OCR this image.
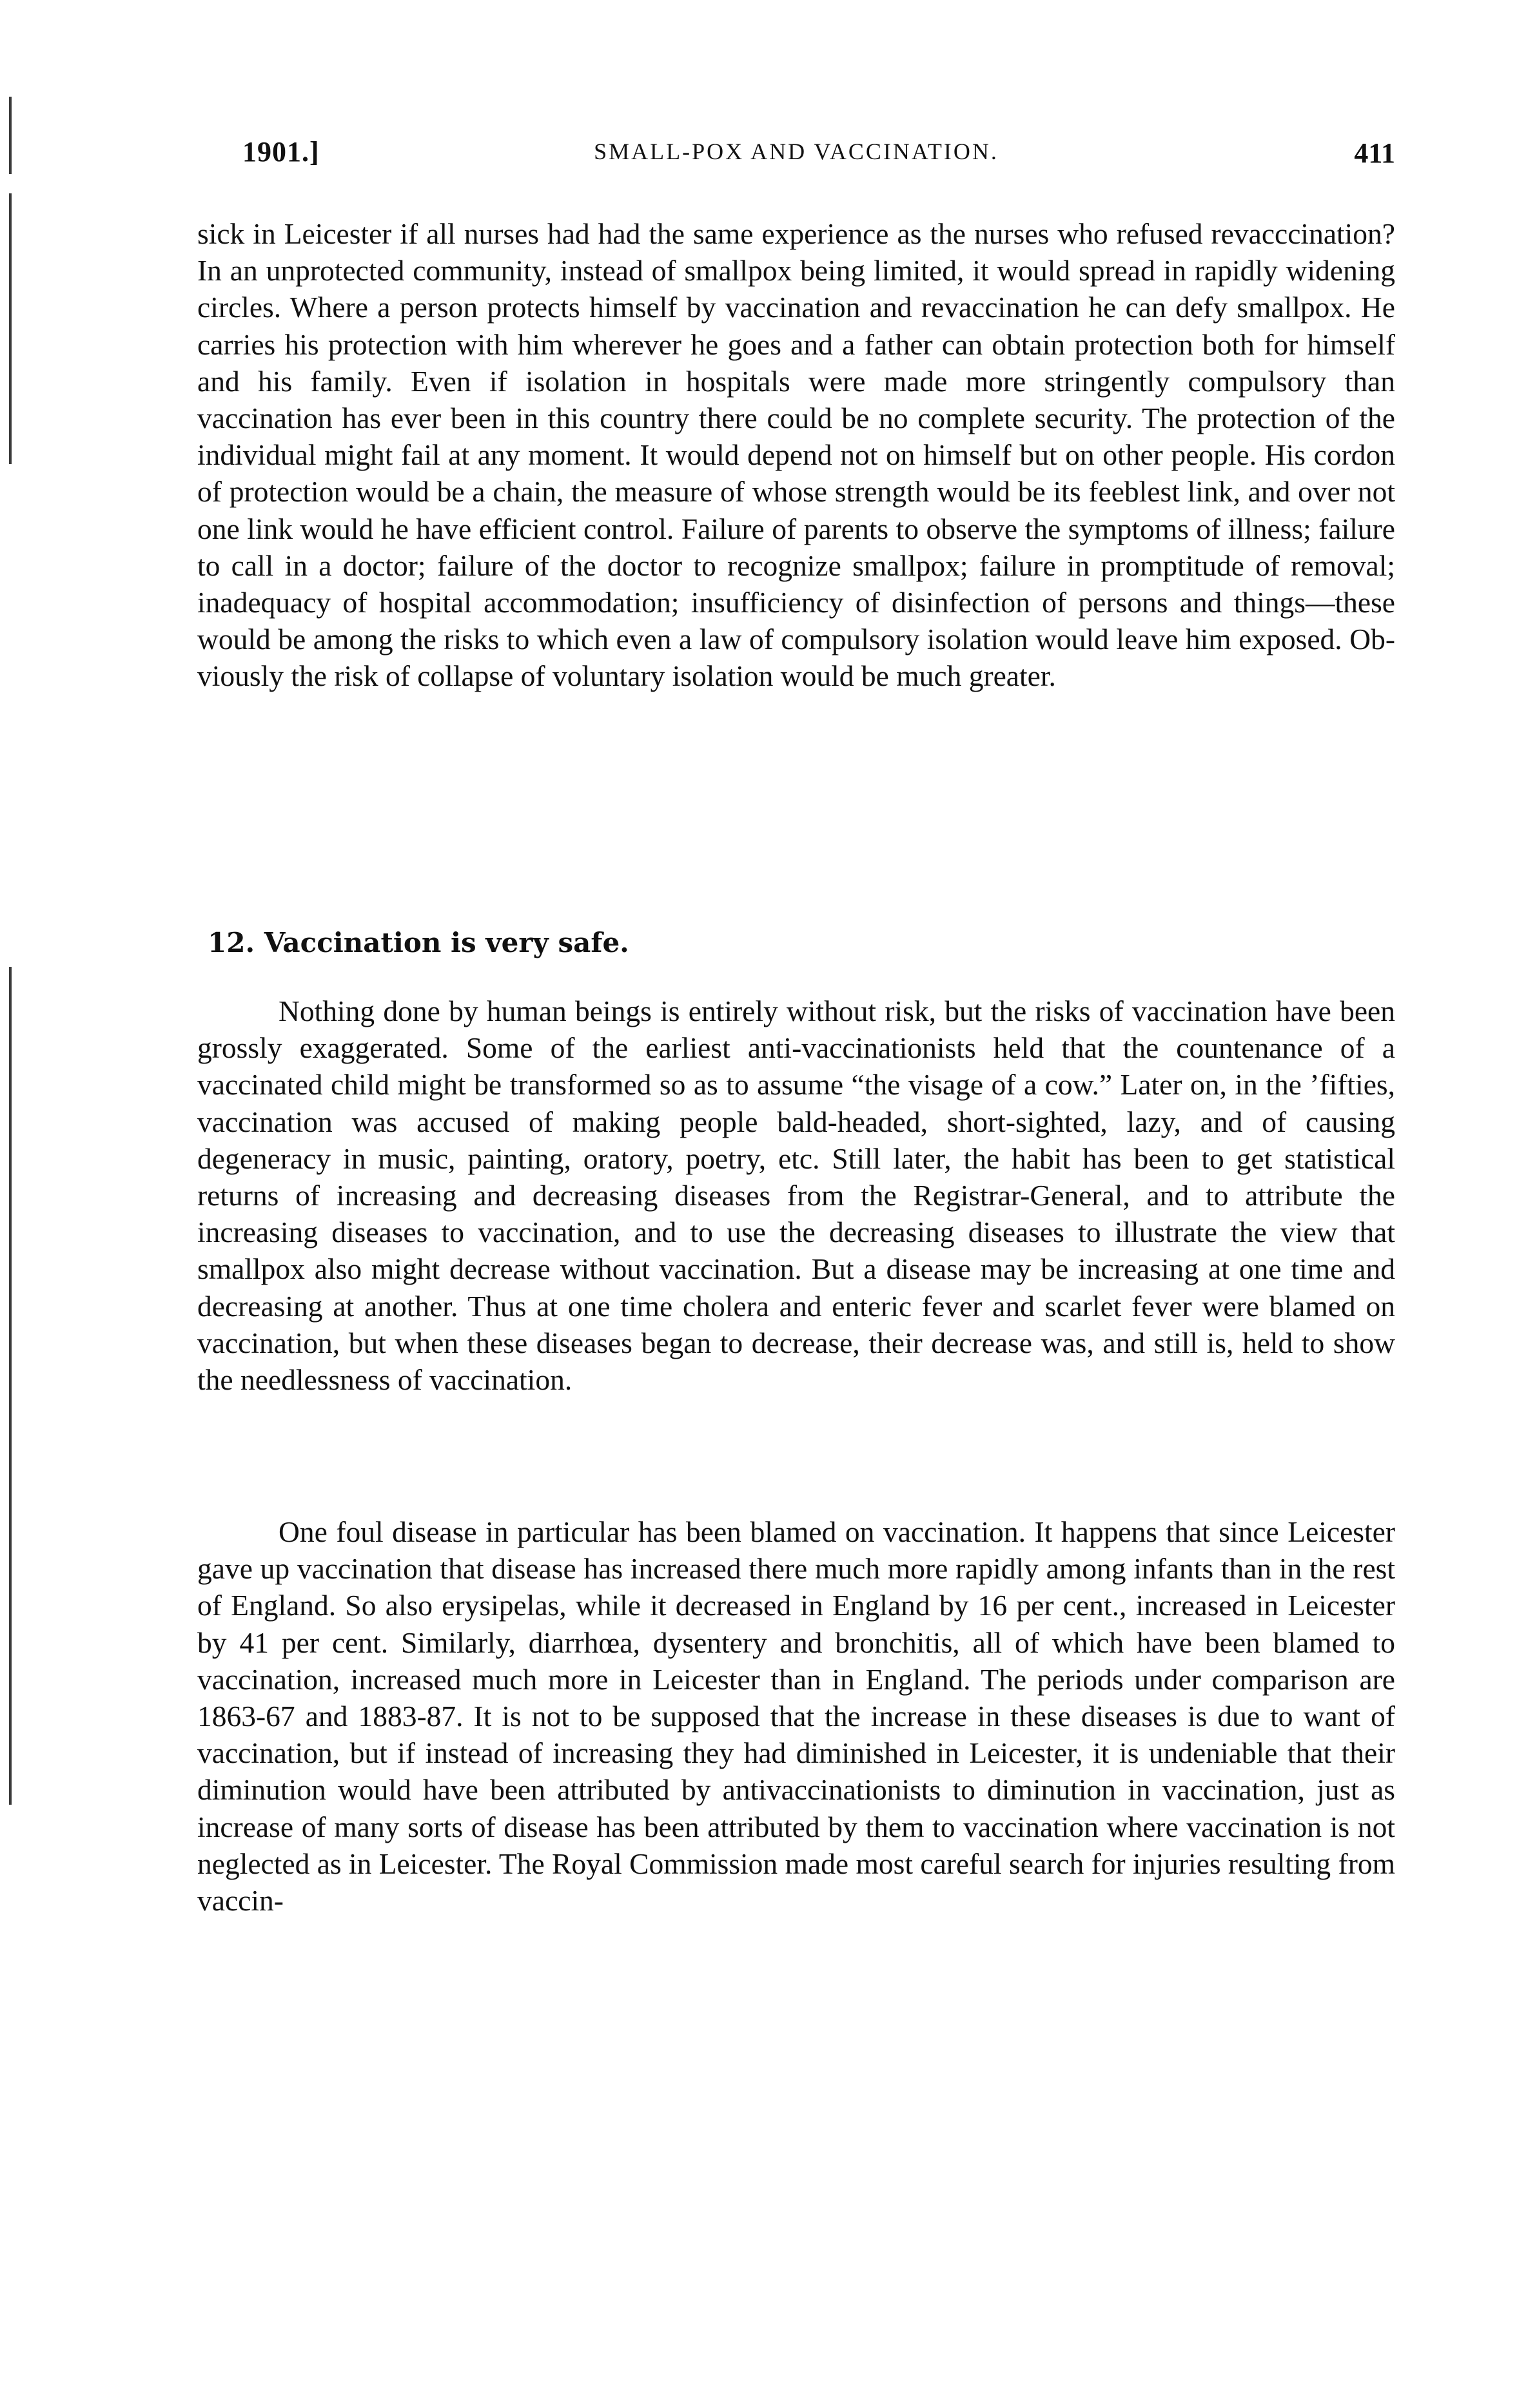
1901.]	SMALL-POX AND VACCINATION.	411

sick in Leicester if all nurses had had the same experience as the nurses who refused revacccination? In an unprotected community, instead of smallpox being limited, it would spread in rapidly widening circles. Where a person protects himself by vaccination and revaccination he can defy smallpox. He carries his protection with him wherever he goes and a father can obtain protection both for himself and his family. Even if isolation in hospitals were made more stringently compulsory than vaccination has ever been in this country there could be no complete security. The protection of the individual might fail at any moment. It would depend not on himself but on other people. His cordon of protection would be a chain, the measure of whose strength would be its feeblest link, and over not one link would he have efficient control. Failure of parents to observe the symptoms of illness; failure to call in a doctor; failure of the doctor to recognize smallpox; failure in promptitude of removal; inadequacy of hospital accommodation; insufficiency of disinfection of persons and things—these would be among the risks to which even a law of compulsory isolation would leave him exposed. Obviously the risk of collapse of voluntary isolation would be much greater.

12. Vaccination is very safe.

Nothing done by human beings is entirely without risk, but the risks of vaccination have been grossly exaggerated. Some of the earliest anti-vaccinationists held that the countenance of a vaccinated child might be transformed so as to assume “the visage of a cow.” Later on, in the ’fifties, vaccination was accused of making people bald-headed, short-sighted, lazy, and of causing degeneracy in music, painting, oratory, poetry, etc. Still later, the habit has been to get statistical returns of increasing and decreasing diseases from the Registrar-General, and to attribute the increasing diseases to vaccination, and to use the decreasing diseases to illustrate the view that smallpox also might decrease without vaccination. But a disease may be increasing at one time and decreasing at another. Thus at one time cholera and enteric fever and scarlet fever were blamed on vaccination, but when these diseases began to decrease, their decrease was, and still is, held to show the needlessness of vaccination.

One foul disease in particular has been blamed on vaccination. It happens that since Leicester gave up vaccination that disease has increased there much more rapidly among infants than in the rest of England. So also erysipelas, while it decreased in England by 16 per cent., increased in Leicester by 41 per cent. Similarly, diarrhœa, dysentery and bronchitis, all of which have been blamed to vaccination, increased much more in Leicester than in England. The periods under comparison are 1863-67 and 1883-87. It is not to be supposed that the increase in these diseases is due to want of vaccination, but if instead of increasing they had diminished in Leicester, it is undeniable that their diminution would have been attributed by antivaccinationists to diminution in vaccination, just as increase of many sorts of disease has been attributed by them to vaccination where vaccination is not neglected as in Leicester. The Royal Commission made most careful search for injuries resulting from vaccin-
